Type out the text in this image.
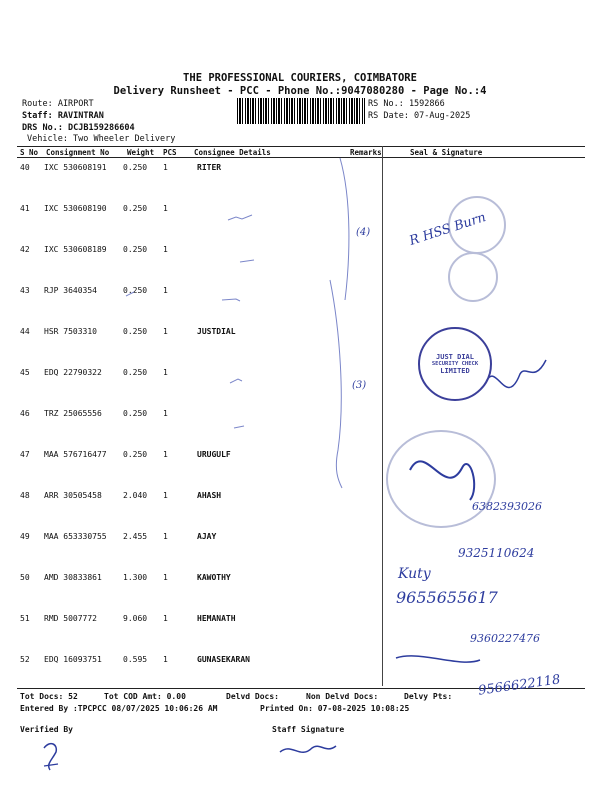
THE PROFESSIONAL COURIERS, COIMBATORE
Delivery Runsheet - PCC - Phone No.:9047080280 - Page No.:4
Route: AIRPORT
Staff: RAVINTRAN
DRS No.: DCJB159286604
Vehicle: Two Wheeler Delivery
RS No.: 1592866
RS Date: 07-Aug-2025
S No Consignment No Weight PCS Consignee Details	Remarks	Seal & Signature
40 IXC 530608191 0.250 1	RITER
41 IXC 530608190 0.250 1
42 IXC 530608189 0.250 1
43 RJP 3640354	0.250 1
44 HSR 7503310	0.250 1	JUSTDIAL
45 EDQ 22790322	0.250 1
46 TRZ 25065556	0.250 1
47 MAA 576716477 0.250 1	URUGULF
48 ARR 30505458	2.040 1	AHASH
49 MAA 653330755 2.455 1	AJAY
50 AMD 30833861	1.300 1	KAWOTHY
51 RMD 5007772	9.060 1	HEMANATH
52 EDQ 16093751	0.595 1	GUNASEKARAN
(4)
(3)
JUST DIAL
SECURITY CHECK
LIMITED
R HSS Burn
6382393026
9325110624
Kuty
9655655617
9360227476
9566622118
Tot Docs: 52	Tot COD Amt: 0.00	Delvd Docs:	Non Delvd Docs:	Delvy Pts:
Entered By :TPCPCC 08/07/2025 10:06:26 AM	Printed On: 07-08-2025 10:08:25
Verified By	Staff Signature
